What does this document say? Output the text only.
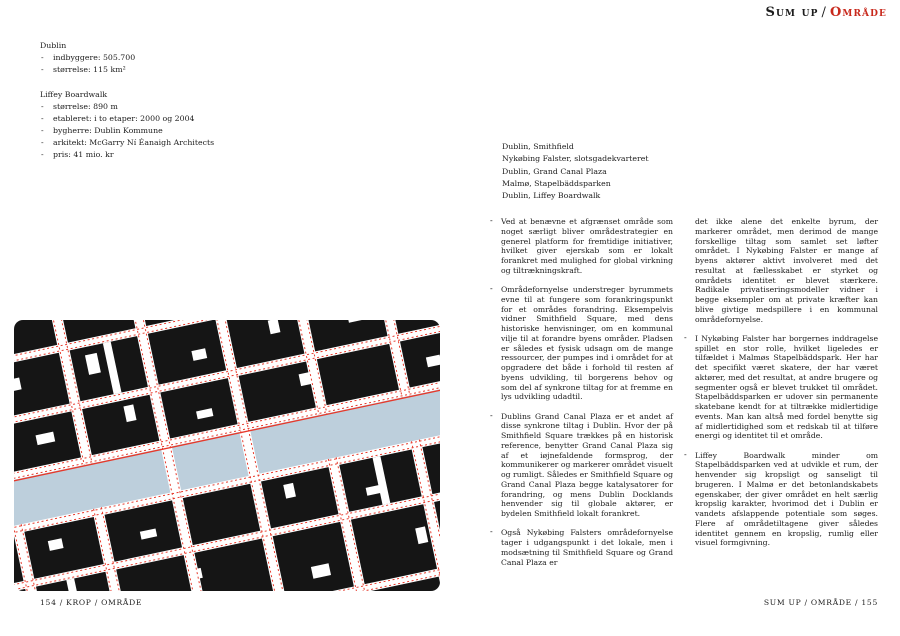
Sum up / Område
Dublin
- indbyggere: 505.700
- størrelse: 115 km²
Liffey Boardwalk
- størrelse: 890 m
- etableret: i to etaper: 2000 og 2004
- bygherre: Dublin Kommune
- arkitekt: McGarry Ní Éanaigh Architects
- pris: 41 mio. kr
Dublin, Smithfield
Nykøbing Falster, slotsgadekvarteret
Dublin, Grand Canal Plaza
Malmø, Stapelbäddsparken
Dublin, Liffey Boardwalk
- Ved at benævne et afgrænset område som noget særligt bliver områdestrategier en generel platform for fremtidige initiativer, hvilket giver ejerskab som er lokalt forankret med mulighed for global virkning og tiltrækningskraft.
- Områdefornyelse understreger byrummets evne til at fungere som forankringspunkt for et områdes forandring. Eksempelvis vidner Smithfield Square, med dens historiske henvisninger, om en kommunal vilje til at forandre byens områder. Pladsen er således et fysisk udsagn om de mange ressourcer, der pumpes ind i området for at opgradere det både i forhold til resten af byens udvikling, til borgerens behov og som del af synkrone tiltag for at fremme en lys udvikling udadtil.
- Dublins Grand Canal Plaza er et andet af disse synkrone tiltag i Dublin. Hvor der på Smithfield Square trækkes på en historisk reference, benytter Grand Canal Plaza sig af et iøjnefaldende formsprog, der kommunikerer og markerer området visuelt og rumligt. Således er Smithfield Square og Grand Canal Plaza begge katalysatorer for forandring, og mens Dublin Docklands henvender sig til globale aktører, er bydelen Smithfield lokalt forankret.
- Også Nykøbing Falsters områdefornyelse tager i udgangspunkt i det lokale, men i modsætning til Smithfield Square og Grand Canal Plaza er
det ikke alene det enkelte byrum, der markerer området, men derimod de mange forskellige tiltag som samlet set løfter området. I Nykøbing Falster er mange af byens aktører aktivt involveret med det resultat at fællesskabet er styrket og områdets identitet er blevet stærkere. Radikale privatiseringsmodeller vidner i begge eksempler om at private kræfter kan blive givtige medspillere i en kommunal områdefornyelse.
- I Nykøbing Falster har borgernes inddragelse spillet en stor rolle, hvilket ligeledes er tilfældet i Malmøs Stapelbäddspark. Her har det specifikt været skatere, der har været aktører, med det resultat, at andre brugere og segmenter også er blevet trukket til området. Stapelbäddsparken er udover sin permanente skatebane kendt for at tiltrække midlertidige events. Man kan altså med fordel benytte sig af midlertidighed som et redskab til at tilføre energi og identitet til et område.
- Liffey Boardwalk minder om Stapelbäddsparken ved at udvikle et rum, der henvender sig kropsligt og sanseligt til brugeren. I Malmø er det betonlandskabets egenskaber, der giver området en helt særlig kropslig karakter, hvorimod det i Dublin er vandets afslappende potentiale som søges. Flere af områdetiltagene giver således identitet gennem en kropslig, rumlig eller visuel formgivning.
154 / KROP / OMRÅDE	SUM UP / OMRÅDE / 155
